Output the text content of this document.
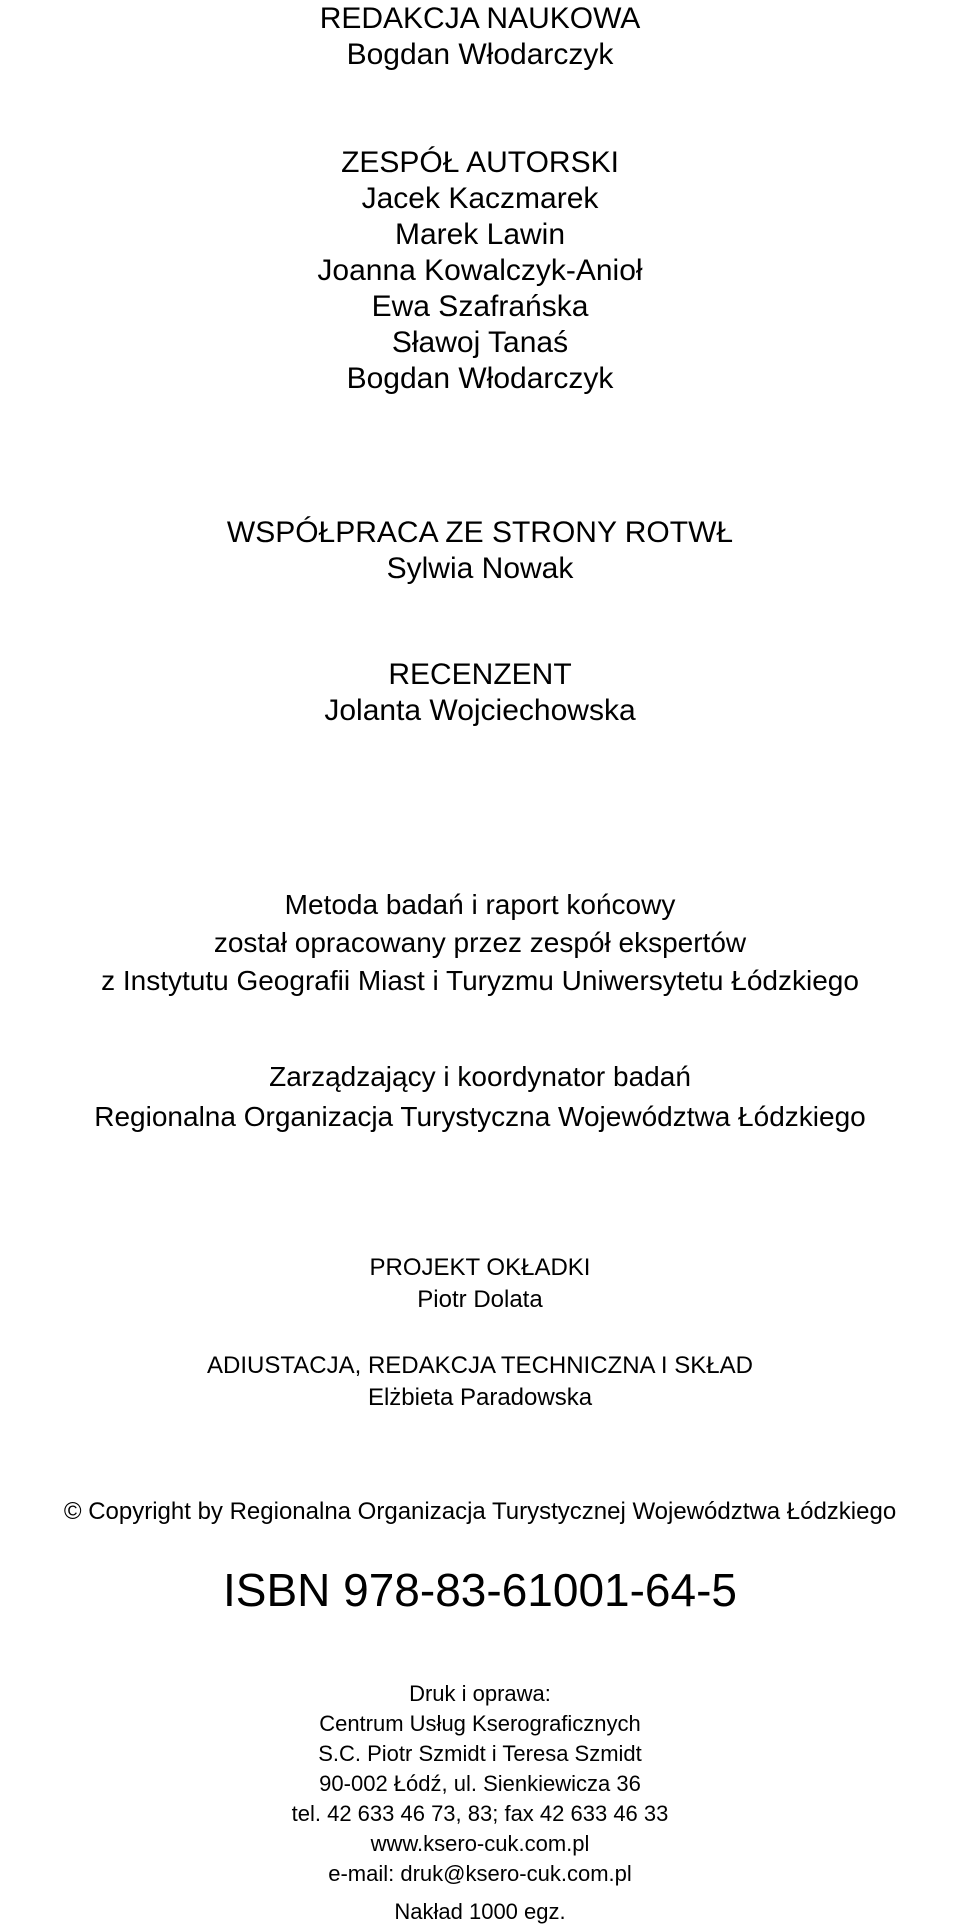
REDAKCJA NAUKOWA
Bogdan Włodarczyk
ZESPÓŁ AUTORSKI
Jacek Kaczmarek
Marek Lawin
Joanna Kowalczyk-Anioł
Ewa Szafrańska
Sławoj Tanaś
Bogdan Włodarczyk
WSPÓŁPRACA ZE STRONY ROTWŁ
Sylwia Nowak
RECENZENT
Jolanta Wojciechowska
Metoda badań i raport końcowy
został opracowany przez zespół ekspertów
z Instytutu Geografii Miast i Turyzmu Uniwersytetu Łódzkiego
Zarządzający i koordynator badań
Regionalna Organizacja Turystyczna Województwa Łódzkiego
PROJEKT OKŁADKI
Piotr Dolata
ADIUSTACJA, REDAKCJA TECHNICZNA I SKŁAD
Elżbieta Paradowska
© Copyright by Regionalna Organizacja Turystycznej Województwa Łódzkiego
ISBN 978-83-61001-64-5
Druk i oprawa:
Centrum Usług Kserograficznych
S.C. Piotr Szmidt i Teresa Szmidt
90-002 Łódź, ul. Sienkiewicza 36
tel. 42 633 46 73, 83; fax 42 633 46 33
www.ksero-cuk.com.pl
e-mail: druk@ksero-cuk.com.pl
Nakład 1000 egz.
